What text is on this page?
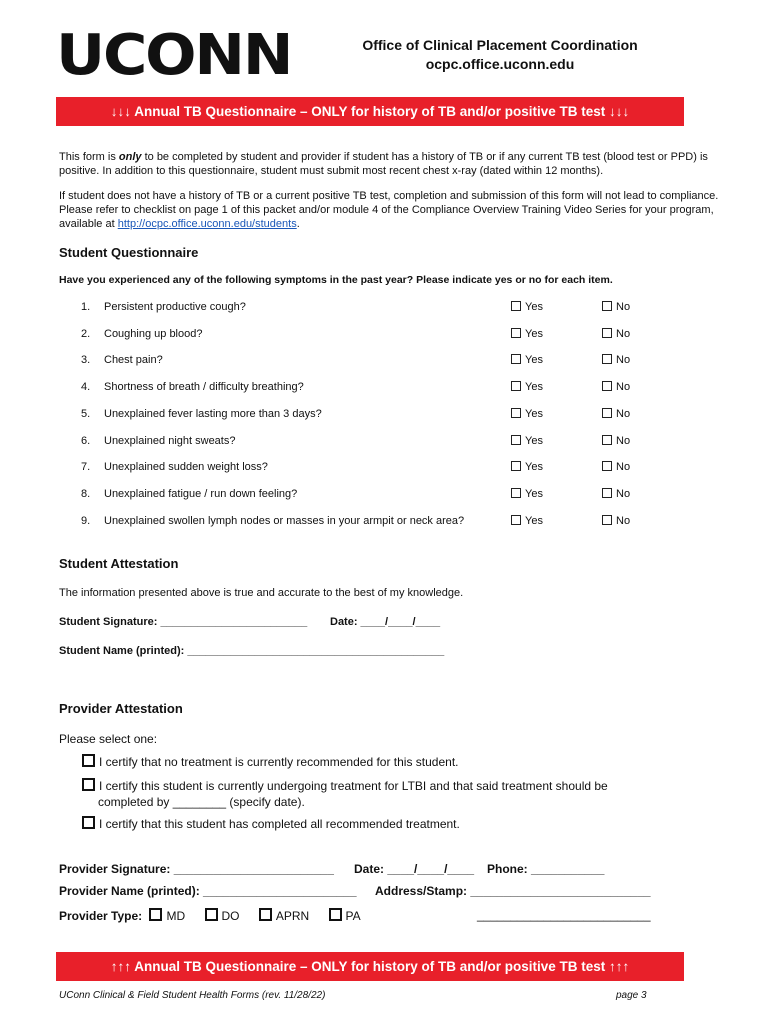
UCONN	Office of Clinical Placement Coordination
ocpc.office.uconn.edu
↓↓↓ Annual TB Questionnaire – ONLY for history of TB and/or positive TB test ↓↓↓
This form is only to be completed by student and provider if student has a history of TB or if any current TB test (blood test or PPD) is positive. In addition to this questionnaire, student must submit most recent chest x-ray (dated within 12 months).
If student does not have a history of TB or a current positive TB test, completion and submission of this form will not lead to compliance. Please refer to checklist on page 1 of this packet and/or module 4 of the Compliance Overview Training Video Series for your program, available at http://ocpc.office.uconn.edu/students.
Student Questionnaire
Have you experienced any of the following symptoms in the past year? Please indicate yes or no for each item.
1. Persistent productive cough?	Yes	No
2. Coughing up blood?	Yes	No
3. Chest pain?	Yes	No
4. Shortness of breath / difficulty breathing?	Yes	No
5. Unexplained fever lasting more than 3 days?	Yes	No
6. Unexplained night sweats?	Yes	No
7. Unexplained sudden weight loss?	Yes	No
8. Unexplained fatigue / run down feeling?	Yes	No
9. Unexplained swollen lymph nodes or masses in your armpit or neck area?	Yes	No
Student Attestation
The information presented above is true and accurate to the best of my knowledge.
Student Signature: ________________________ Date: ____/____/____
Student Name (printed): __________________________________________
Provider Attestation
Please select one:
I certify that no treatment is currently recommended for this student.
I certify this student is currently undergoing treatment for LTBI and that said treatment should be
completed by ________ (specify date).
I certify that this student has completed all recommended treatment.
Provider Signature: ________________________ Date: ____/____/____ Phone: ___________
Provider Name (printed): _______________________ Address/Stamp: ___________________________
Provider Type: MD	DO	APRN	PA	__________________________
↑↑↑ Annual TB Questionnaire – ONLY for history of TB and/or positive TB test ↑↑↑
UConn Clinical & Field Student Health Forms (rev. 11/28/22)	page 3
